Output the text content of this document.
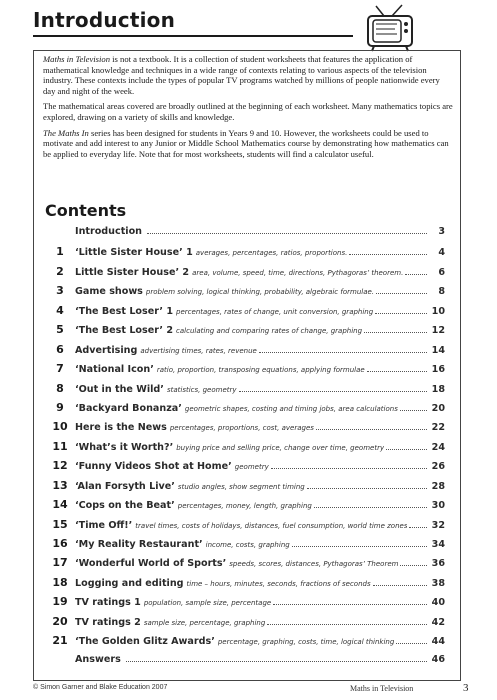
Introduction

Maths in Television is not a textbook. It is a collection of student worksheets that features the application of mathematical knowledge and techniques in a wide range of contexts relating to various aspects of the television industry. These contexts include the types of popular TV programs watched by millions of people nationwide every day and night of the week.

The mathematical areas covered are broadly outlined at the beginning of each worksheet. Many mathematics topics are explored, drawing on a variety of skills and knowledge.

The Maths In series has been designed for students in Years 9 and 10. However, the worksheets could be used to motivate and add interest to any Junior or Middle School Mathematics course by demonstrating how mathematics can be applied to everyday life. Note that for most worksheets, students will find a calculator useful.

Contents
Introduction	3
1	‘Little Sister House’ 1 averages, percentages, ratios, proportions.	4
2	Little Sister House’ 2 area, volume, speed, time, directions, Pythagoras’ theorem.	6
3	Game shows problem solving, logical thinking, probability, algebraic formulae.	8
4	‘The Best Loser’ 1 percentages, rates of change, unit conversion, graphing	10
5	‘The Best Loser’ 2 calculating and comparing rates of change, graphing	12
6	Advertising advertising times, rates, revenue	14
7	‘National Icon’ ratio, proportion, transposing equations, applying formulae	16
8	‘Out in the Wild’ statistics, geometry	18
9	‘Backyard Bonanza’ geometric shapes, costing and timing jobs, area calculations	20
10 Here is the News percentages, proportions, cost, averages	22
11 ‘What’s it Worth?’ buying price and selling price, change over time, geometry	24
12 ‘Funny Videos Shot at Home’ geometry	26
13 ‘Alan Forsyth Live’ studio angles, show segment timing	28
14 ‘Cops on the Beat’ percentages, money, length, graphing	30
15 ‘Time Off!’ travel times, costs of holidays, distances, fuel consumption, world time zones	32
16 ‘My Reality Restaurant’ income, costs, graphing	34
17 ‘Wonderful World of Sports’ speeds, scores, distances, Pythagoras’ Theorem	36
18 Logging and editing time – hours, minutes, seconds, fractions of seconds	38
19 TV ratings 1 population, sample size, percentage	40
20 TV ratings 2 sample size, percentage, graphing	42
21 ‘The Golden Glitz Awards’ percentage, graphing, costs, time, logical thinking	44
Answers	46
© Simon Garner and Blake Education 2007	Maths in Television	3
